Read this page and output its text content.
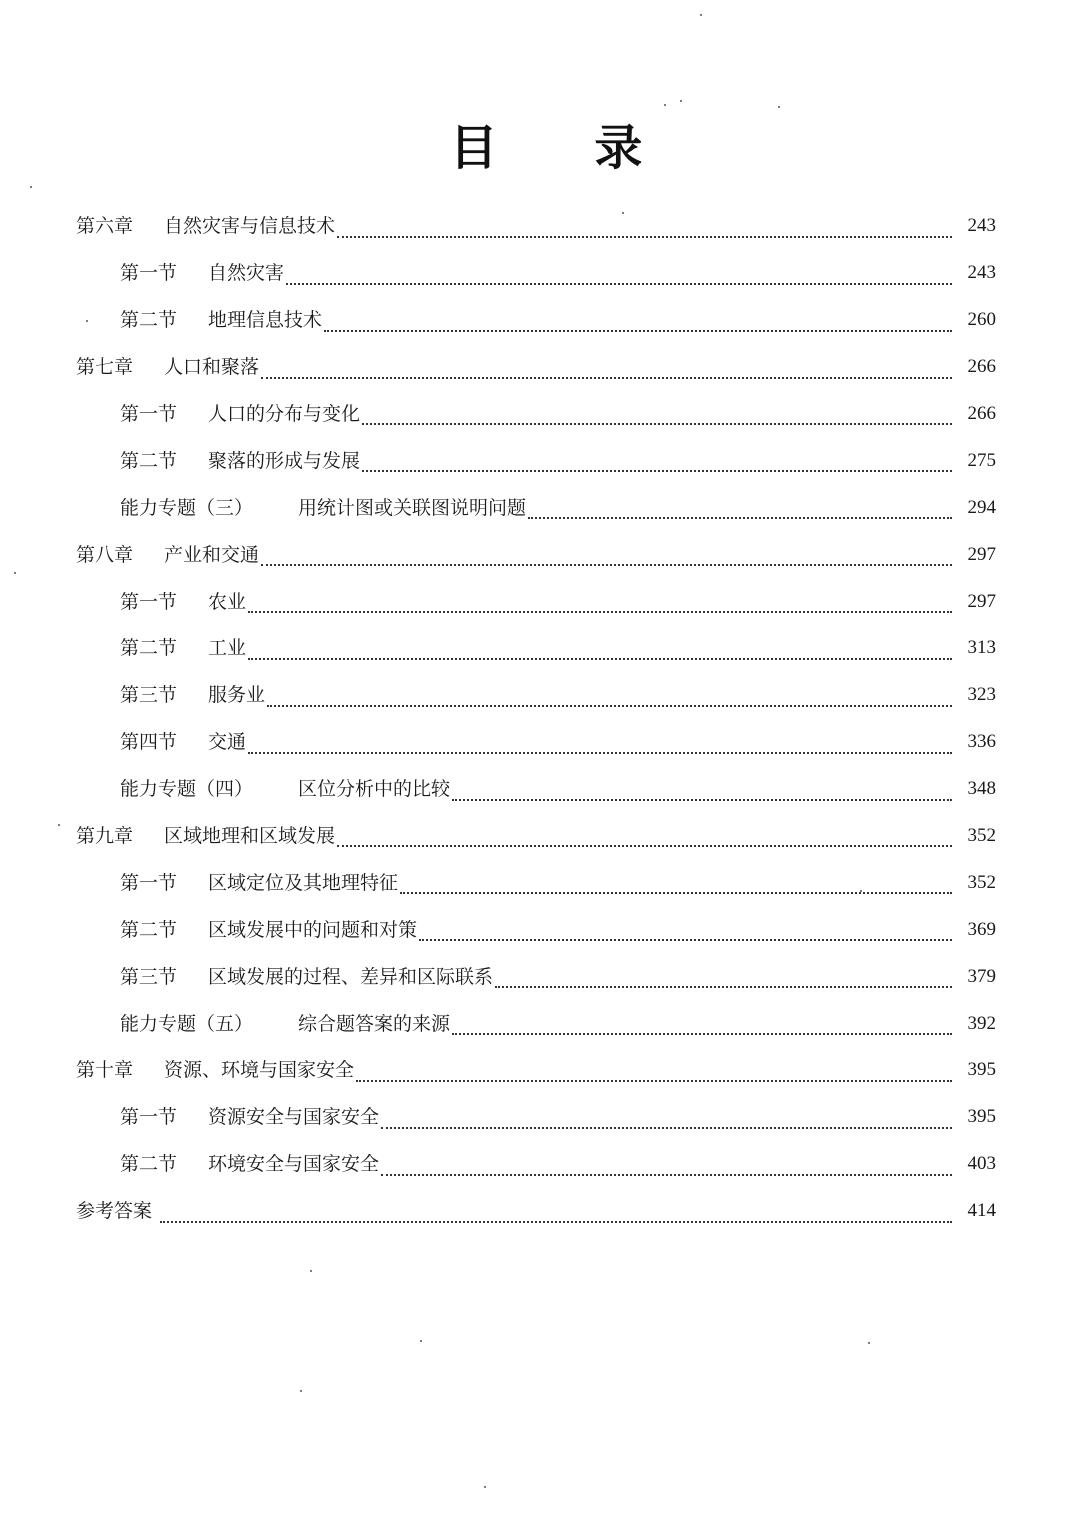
目 录
第六章	自然灾害与信息技术	243
第一节	自然灾害	243
第二节	地理信息技术	260
第七章	人口和聚落	266
第一节	人口的分布与变化	266
第二节	聚落的形成与发展	275
能力专题（三）	用统计图或关联图说明问题	294
第八章	产业和交通	297
第一节	农业	297
第二节	工业	313
第三节	服务业	323
第四节	交通	336
能力专题（四）	区位分析中的比较	348
第九章	区域地理和区域发展	352
第一节	区域定位及其地理特征	352
第二节	区域发展中的问题和对策	369
第三节	区域发展的过程、差异和区际联系	379
能力专题（五）	综合题答案的来源	392
第十章	资源、环境与国家安全	395
第一节	资源安全与国家安全	395
第二节	环境安全与国家安全	403
参考答案	414
